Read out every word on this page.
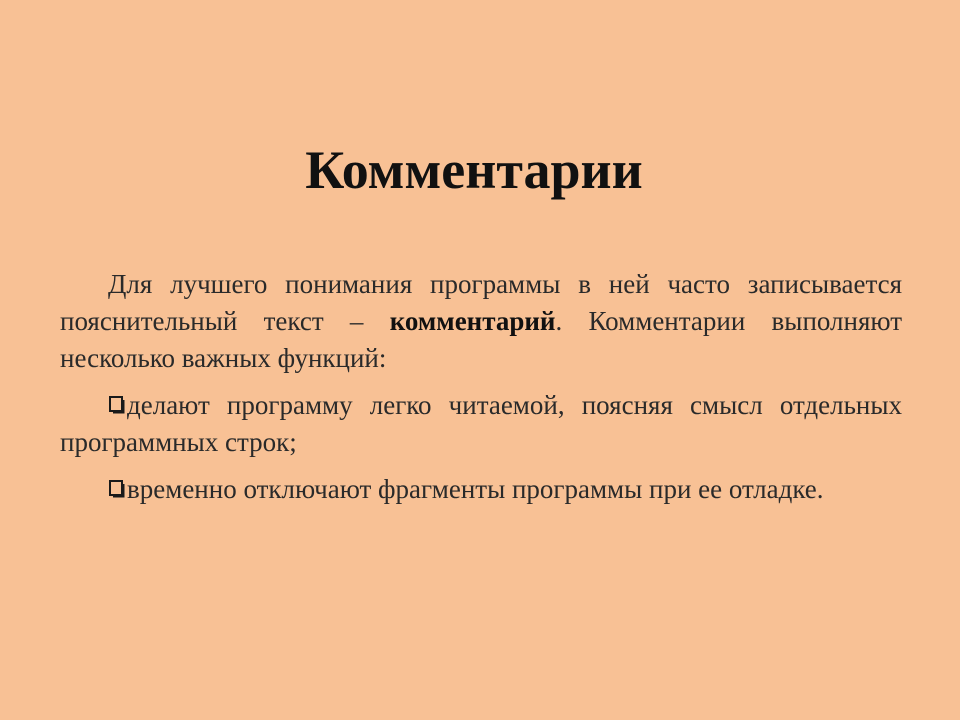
Комментарии

Для лучшего понимания программы в ней часто записывается пояснительный текст – комментарий. Комментарии выполняют несколько важных функций:

делают программу легко читаемой, поясняя смысл отдельных программных строк;

временно отключают фрагменты программы при ее отладке.
